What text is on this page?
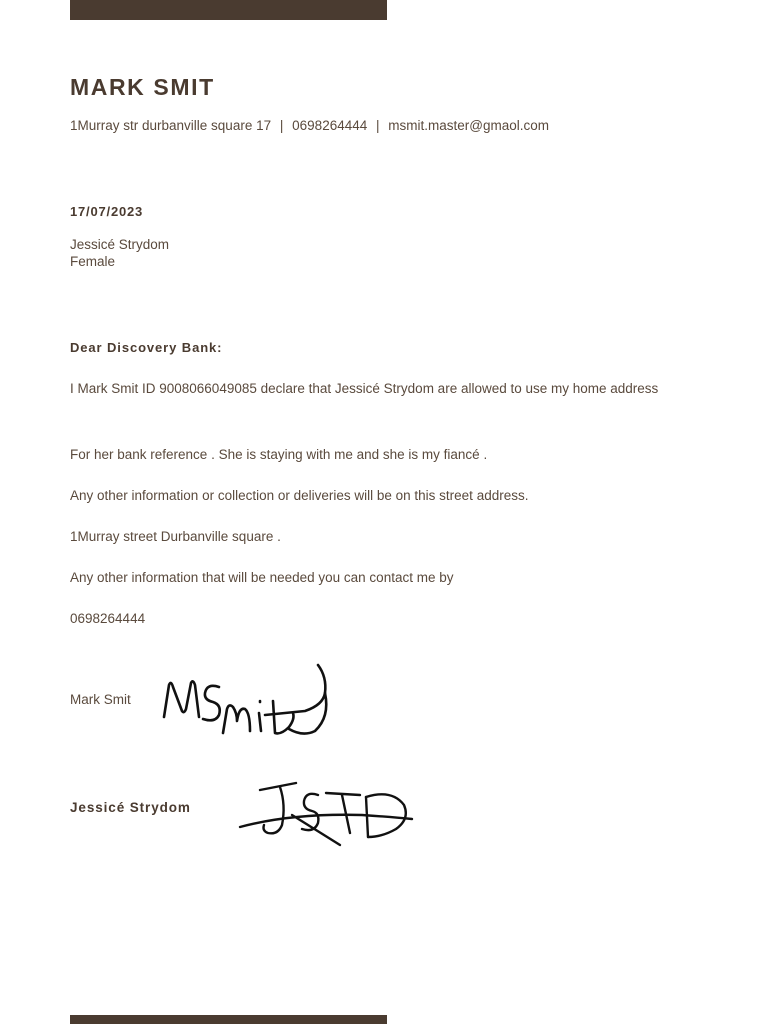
MARK SMIT
1Murray str durbanville square 17 | 0698264444 | msmit.master@gmaol.com
17/07/2023
Jessicé Strydom
Female
Dear Discovery Bank:
I Mark Smit ID 9008066049085 declare that Jessicé Strydom are allowed to use my home address
For her bank reference . She is staying with me and she is my fiancé .
Any other information or collection or deliveries will be on this street address.
1Murray street Durbanville square .
Any other information that will be needed you can contact me by
0698264444
Mark Smit
Jessicé Strydom
